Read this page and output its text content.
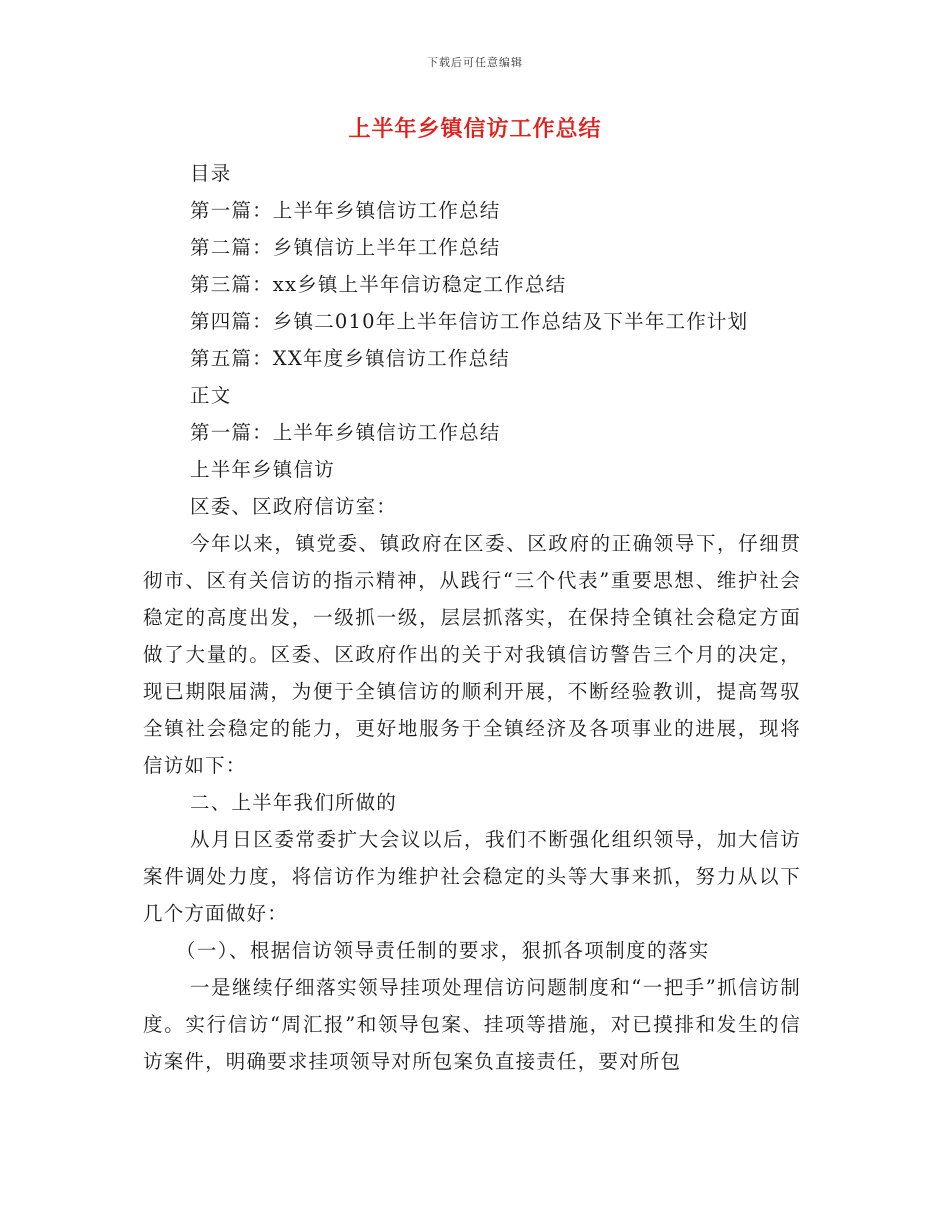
下载后可任意编辑
上半年乡镇信访工作总结

目录

第一篇：上半年乡镇信访工作总结

第二篇：乡镇信访上半年工作总结

第三篇：xx乡镇上半年信访稳定工作总结

第四篇：乡镇二010年上半年信访工作总结及下半年工作计划

第五篇：XX年度乡镇信访工作总结

正文

第一篇：上半年乡镇信访工作总结

上半年乡镇信访

区委、区政府信访室：

今年以来，镇党委、镇政府在区委、区政府的正确领导下，仔细贯彻市、区有关信访的指示精神，从践行“三个代表”重要思想、维护社会稳定的高度出发，一级抓一级，层层抓落实，在保持全镇社会稳定方面做了大量的。区委、区政府作出的关于对我镇信访警告三个月的决定，现已期限届满，为便于全镇信访的顺利开展，不断经验教训，提高驾驭全镇社会稳定的能力，更好地服务于全镇经济及各项事业的进展，现将信访如下：

二、上半年我们所做的

从月日区委常委扩大会议以后，我们不断强化组织领导，加大信访案件调处力度，将信访作为维护社会稳定的头等大事来抓，努力从以下几个方面做好：

（一）、根据信访领导责任制的要求，狠抓各项制度的落实

一是继续仔细落实领导挂项处理信访问题制度和“一把手”抓信访制度。实行信访“周汇报”和领导包案、挂项等措施，对已摸排和发生的信访案件，明确要求挂项领导对所包案负直接责任，要对所包
